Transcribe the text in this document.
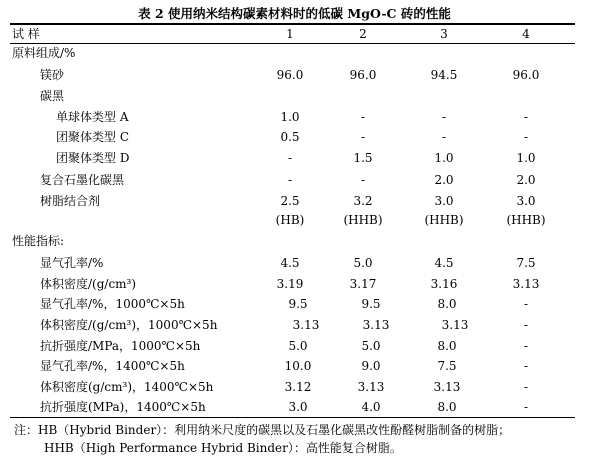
表 2 使用纳米结构碳素材料时的低碳 MgO-C 砖的性能
试 样	1	2	3	4
原料组成/%
镁砂	96.0	96.0	94.5	96.0
碳黑
单球体类型 A	1.0	-	-	-
团聚体类型 C	0.5	-	-	-
团聚体类型 D	-	1.5	1.0	1.0
复合石墨化碳黑	-	-	2.0	2.0
树脂结合剂	2.5	3.2	3.0	3.0
(HB)	(HHB)	(HHB)	(HHB)
性能指标:
显气孔率/%	4.5	5.0	4.5	7.5
体积密度/(g/cm³)	3.19	3.17	3.16	3.13
显气孔率/%，1000℃×5h	9.5	9.5	8.0	-
体积密度/(g/cm³)，1000℃×5h	3.13	3.13	3.13	-
抗折强度/MPa，1000℃×5h	5.0	5.0	8.0	-
显气孔率/%，1400℃×5h	10.0	9.0	7.5	-
体积密度(g/cm³)，1400℃×5h	3.12	3.13	3.13	-
抗折强度(MPa)，1400℃×5h	3.0	4.0	8.0	-
注：HB（Hybrid Binder）：利用纳米尺度的碳黑以及石墨化碳黑改性酚醛树脂制备的树脂；
HHB（High Performance Hybrid Binder）：高性能复合树脂。
